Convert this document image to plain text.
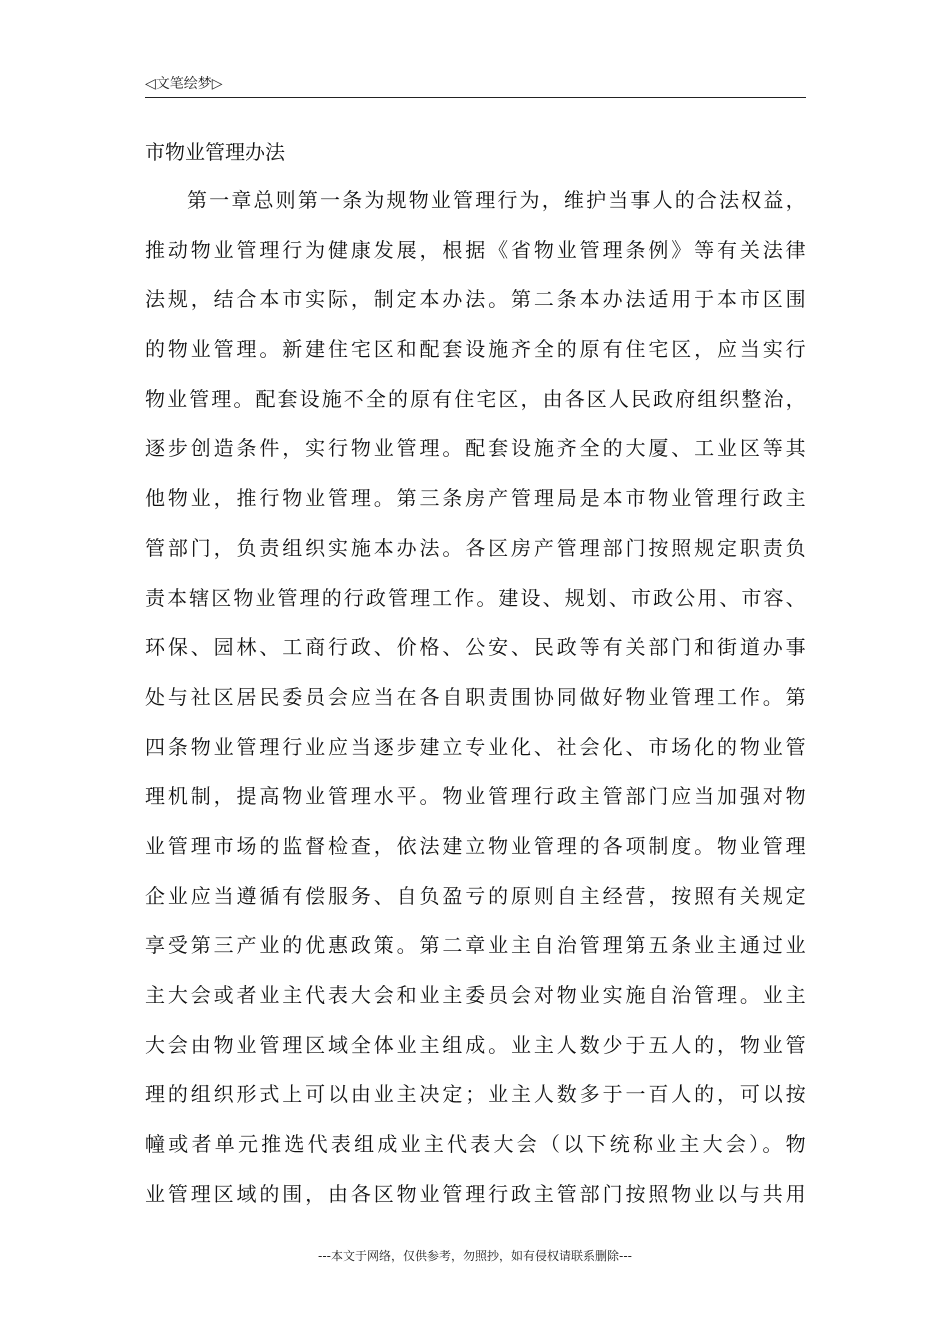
◁文笔绘梦▷
市物业管理办法
第一章总则第一条为规物业管理行为，维护当事人的合法权益，
推动物业管理行为健康发展，根据《省物业管理条例》等有关法律
法规，结合本市实际，制定本办法。第二条本办法适用于本市区围
的物业管理。新建住宅区和配套设施齐全的原有住宅区，应当实行
物业管理。配套设施不全的原有住宅区，由各区人民政府组织整治，
逐步创造条件，实行物业管理。配套设施齐全的大厦、工业区等其
他物业，推行物业管理。第三条房产管理局是本市物业管理行政主
管部门，负责组织实施本办法。各区房产管理部门按照规定职责负
责本辖区物业管理的行政管理工作。建设、规划、市政公用、市容、
环保、园林、工商行政、价格、公安、民政等有关部门和街道办事
处与社区居民委员会应当在各自职责围协同做好物业管理工作。第
四条物业管理行业应当逐步建立专业化、社会化、市场化的物业管
理机制，提高物业管理水平。物业管理行政主管部门应当加强对物
业管理市场的监督检查，依法建立物业管理的各项制度。物业管理
企业应当遵循有偿服务、自负盈亏的原则自主经营，按照有关规定
享受第三产业的优惠政策。第二章业主自治管理第五条业主通过业
主大会或者业主代表大会和业主委员会对物业实施自治管理。业主
大会由物业管理区域全体业主组成。业主人数少于五人的，物业管
理的组织形式上可以由业主决定；业主人数多于一百人的，可以按
幢或者单元推选代表组成业主代表大会（以下统称业主大会）。物
业管理区域的围，由各区物业管理行政主管部门按照物业以与共用
---本文于网络，仅供参考，勿照抄，如有侵权请联系删除---
